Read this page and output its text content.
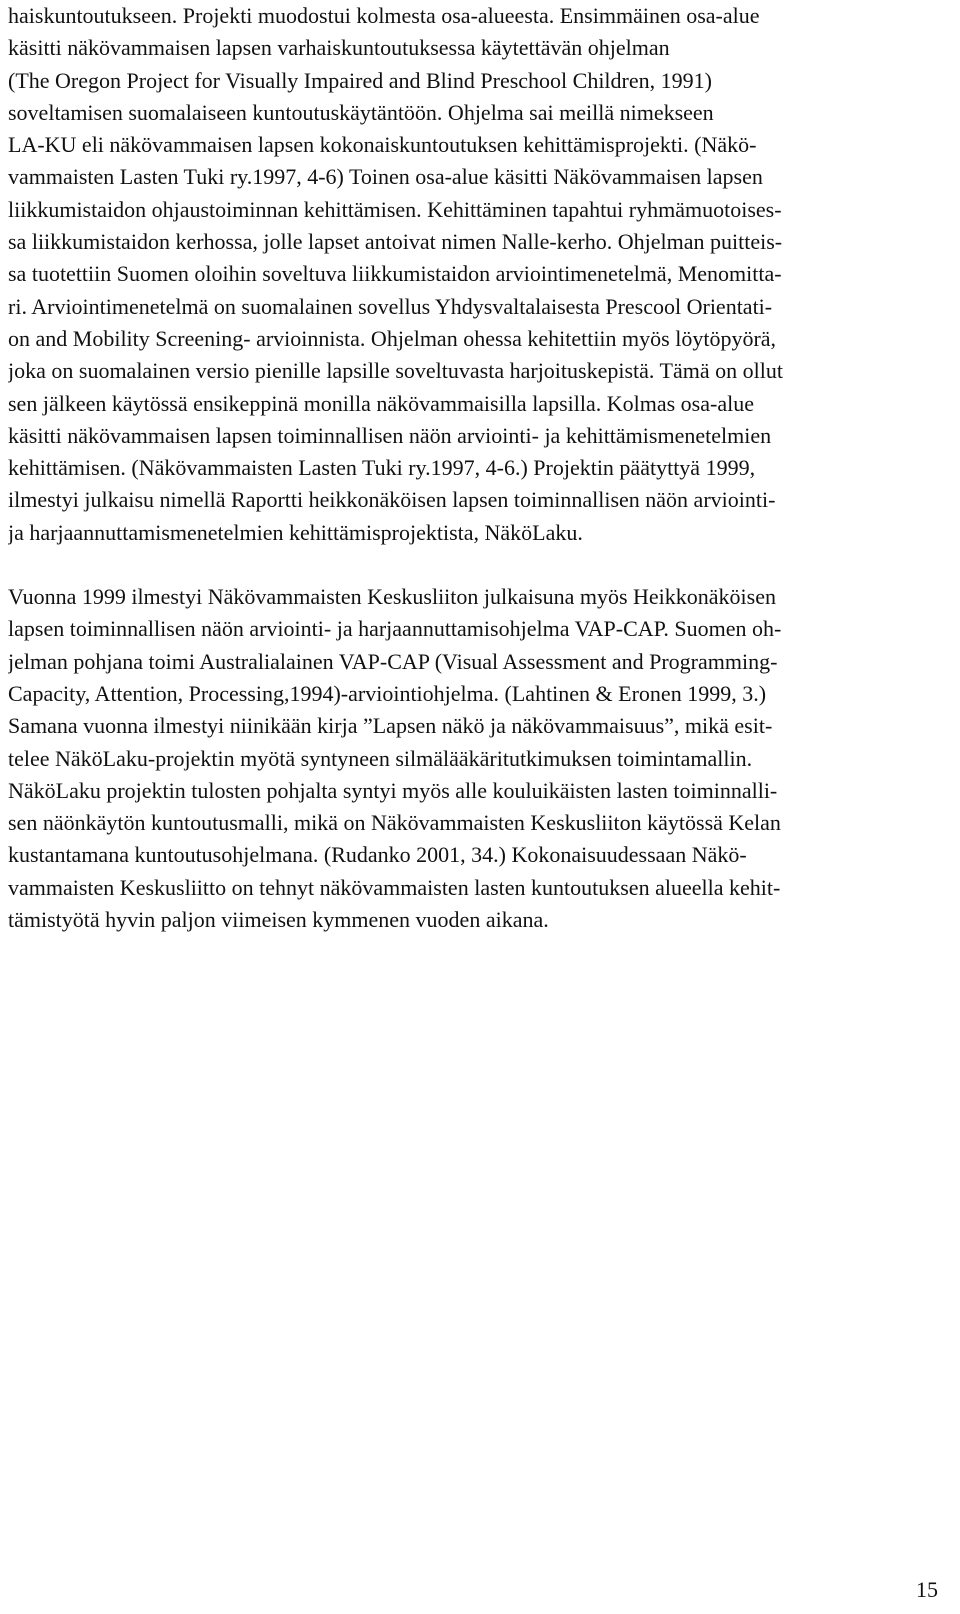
haiskuntoutukseen. Projekti muodostui kolmesta osa-alueesta. Ensimmäinen osa-alue
käsitti näkövammaisen lapsen varhaiskuntoutuksessa käytettävän ohjelman
(The Oregon Project for Visually Impaired and Blind Preschool Children, 1991)
soveltamisen suomalaiseen kuntoutuskäytäntöön. Ohjelma sai meillä nimekseen
LA-KU eli näkövammaisen lapsen kokonaiskuntoutuksen kehittämisprojekti. (Näkö-
vammaisten Lasten Tuki ry.1997, 4-6) Toinen osa-alue käsitti Näkövammaisen lapsen
liikkumistaidon ohjaustoiminnan kehittämisen. Kehittäminen tapahtui ryhmämuotoises-
sa liikkumistaidon kerhossa, jolle lapset antoivat nimen Nalle-kerho. Ohjelman puitteis-
sa tuotettiin Suomen oloihin soveltuva liikkumistaidon arviointimenetelmä, Menomitta-
ri. Arviointimenetelmä on suomalainen sovellus Yhdysvaltalaisesta Prescool Orientati-
on and Mobility Screening- arvioinnista. Ohjelman ohessa kehitettiin myös löytöpyörä,
joka on suomalainen versio pienille lapsille soveltuvasta harjoituskepistä. Tämä on ollut
sen jälkeen käytössä ensikeppinä monilla näkövammaisilla lapsilla. Kolmas osa-alue
käsitti näkövammaisen lapsen toiminnallisen näön arviointi- ja kehittämismenetelmien
kehittämisen. (Näkövammaisten Lasten Tuki ry.1997, 4-6.) Projektin päätyttyä 1999,
ilmestyi julkaisu nimellä Raportti heikkonäköisen lapsen toiminnallisen näön arviointi-
ja harjaannuttamismenetelmien kehittämisprojektista, NäköLaku.
Vuonna 1999 ilmestyi Näkövammaisten Keskusliiton julkaisuna myös Heikkonäköisen
lapsen toiminnallisen näön arviointi- ja harjaannuttamisohjelma VAP-CAP. Suomen oh-
jelman pohjana toimi Australialainen VAP-CAP (Visual Assessment and Programming-
Capacity, Attention, Processing,1994)-arviointiohjelma. (Lahtinen & Eronen 1999, 3.)
Samana vuonna ilmestyi niinikään kirja ”Lapsen näkö ja näkövammaisuus”, mikä esit-
telee NäköLaku-projektin myötä syntyneen silmälääkäritutkimuksen toimintamallin.
NäköLaku projektin tulosten pohjalta syntyi myös alle kouluikäisten lasten toiminnalli-
sen näönkäytön kuntoutusmalli, mikä on Näkövammaisten Keskusliiton käytössä Kelan
kustantamana kuntoutusohjelmana. (Rudanko 2001, 34.) Kokonaisuudessaan Näkö-
vammaisten Keskusliitto on tehnyt näkövammaisten lasten kuntoutuksen alueella kehit-
tämistyötä hyvin paljon viimeisen kymmenen vuoden aikana.
15
